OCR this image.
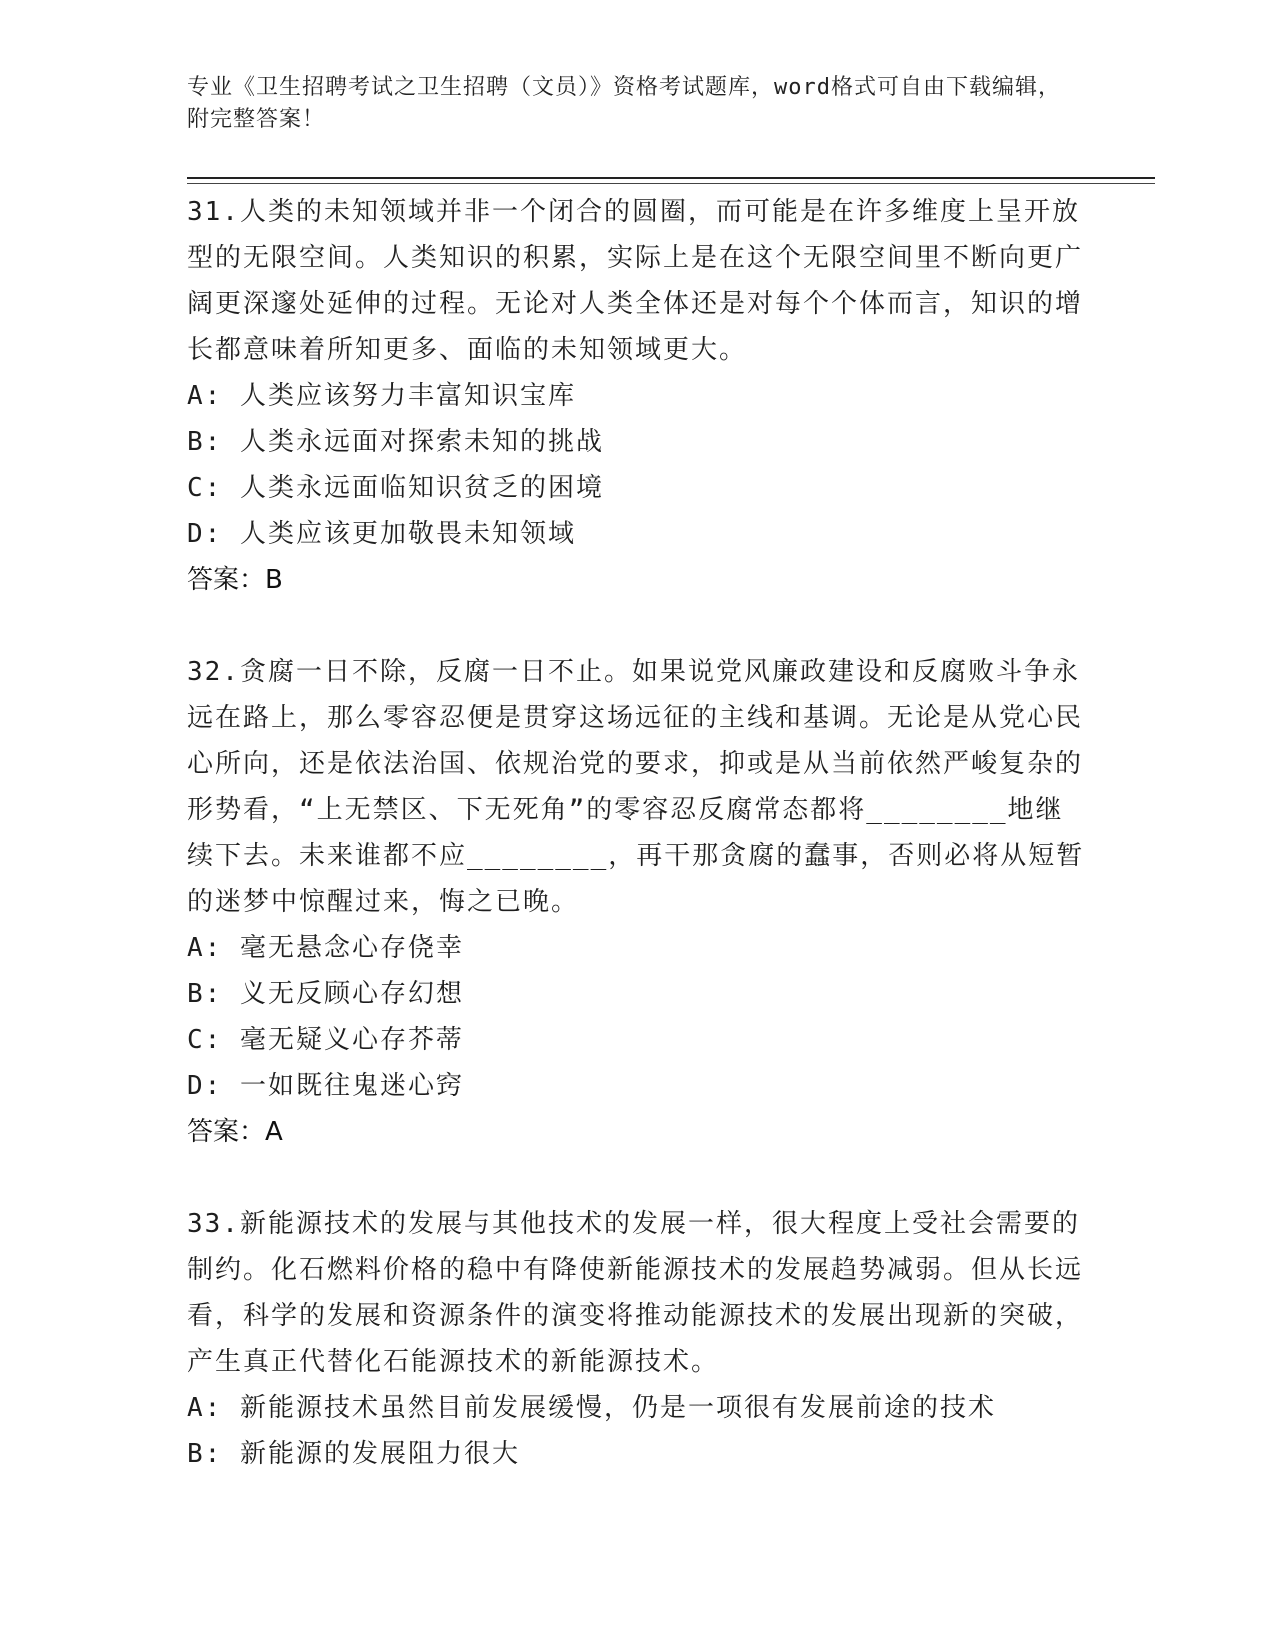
专业《卫生招聘考试之卫生招聘（文员）》资格考试题库，word格式可自由下载编辑，附完整答案！

31.人类的未知领域并非一个闭合的圆圈，而可能是在许多维度上呈开放型的无限空间。人类知识的积累，实际上是在这个无限空间里不断向更广阔更深邃处延伸的过程。无论对人类全体还是对每个个体而言，知识的增长都意味着所知更多、面临的未知领域更大。

A: 人类应该努力丰富知识宝库
B: 人类永远面对探索未知的挑战
C: 人类永远面临知识贫乏的困境
D: 人类应该更加敬畏未知领域

答案：B

32.贪腐一日不除，反腐一日不止。如果说党风廉政建设和反腐败斗争永远在路上，那么零容忍便是贯穿这场远征的主线和基调。无论是从党心民心所向，还是依法治国、依规治党的要求，抑或是从当前依然严峻复杂的形势看，“上无禁区、下无死角”的零容忍反腐常态都将________地继续下去。未来谁都不应________，再干那贪腐的蠢事，否则必将从短暂的迷梦中惊醒过来，悔之已晚。

A: 毫无悬念心存侥幸
B: 义无反顾心存幻想
C: 毫无疑义心存芥蒂
D: 一如既往鬼迷心窍

答案：A

33.新能源技术的发展与其他技术的发展一样，很大程度上受社会需要的制约。化石燃料价格的稳中有降使新能源技术的发展趋势减弱。但从长远看，科学的发展和资源条件的演变将推动能源技术的发展出现新的突破，产生真正代替化石能源技术的新能源技术。

A: 新能源技术虽然目前发展缓慢，仍是一项很有发展前途的技术
B: 新能源的发展阻力很大
